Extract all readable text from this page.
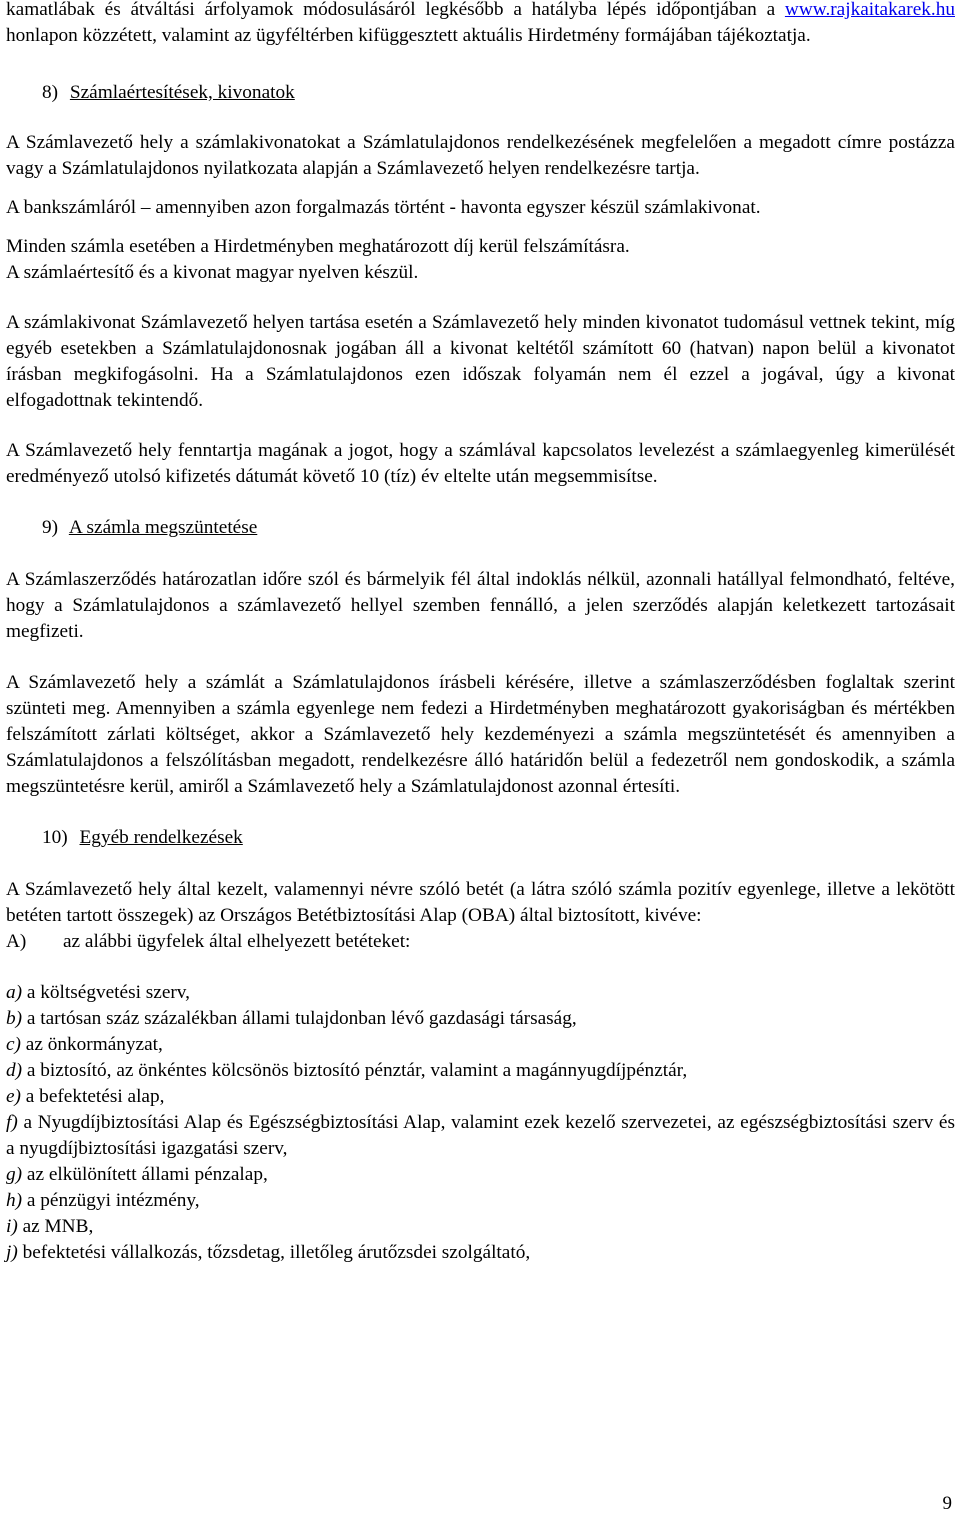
kamatlábak és átváltási árfolyamok módosulásáról legkésőbb a hatályba lépés időpontjában a www.rajkaitakarek.hu honlapon közzétett, valamint az ügyféltérben kifüggesztett aktuális Hirdetmény formájában tájékoztatja.

8) Számlaértesítések, kivonatok

A Számlavezető hely a számlakivonatokat a Számlatulajdonos rendelkezésének megfelelően a megadott címre postázza vagy a Számlatulajdonos nyilatkozata alapján a Számlavezető helyen rendelkezésre tartja.

A bankszámláról – amennyiben azon forgalmazás történt - havonta egyszer készül számlakivonat.

Minden számla esetében a Hirdetményben meghatározott díj kerül felszámításra.

A számlaértesítő és a kivonat magyar nyelven készül.

A számlakivonat Számlavezető helyen tartása esetén a Számlavezető hely minden kivonatot tudomásul vettnek tekint, míg egyéb esetekben a Számlatulajdonosnak jogában áll a kivonat keltétől számított 60 (hatvan) napon belül a kivonatot írásban megkifogásolni. Ha a Számlatulajdonos ezen időszak folyamán nem él ezzel a jogával, úgy a kivonat elfogadottnak tekintendő.

A Számlavezető hely fenntartja magának a jogot, hogy a számlával kapcsolatos levelezést a számlaegyenleg kimerülését eredményező utolsó kifizetés dátumát követő 10 (tíz) év eltelte után megsemmisítse.

9) A számla megszüntetése

A Számlaszerződés határozatlan időre szól és bármelyik fél által indoklás nélkül, azonnali hatállyal felmondható, feltéve, hogy a Számlatulajdonos a számlavezető hellyel szemben fennálló, a jelen szerződés alapján keletkezett tartozásait megfizeti.

A Számlavezető hely a számlát a Számlatulajdonos írásbeli kérésére, illetve a számlaszerződésben foglaltak szerint szünteti meg. Amennyiben a számla egyenlege nem fedezi a Hirdetményben meghatározott gyakoriságban és mértékben felszámított zárlati költséget, akkor a Számlavezető hely kezdeményezi a számla megszüntetését és amennyiben a Számlatulajdonos a felszólításban megadott, rendelkezésre álló határidőn belül a fedezetről nem gondoskodik, a számla megszüntetésre kerül, amiről a Számlavezető hely a Számlatulajdonost azonnal értesíti.

10) Egyéb rendelkezések

A Számlavezető hely által kezelt, valamennyi névre szóló betét (a látra szóló számla pozitív egyenlege, illetve a lekötött betéten tartott összegek) az Országos Betétbiztosítási Alap (OBA) által biztosított, kivéve:

A) az alábbi ügyfelek által elhelyezett betéteket:

a) a költségvetési szerv,

b) a tartósan száz százalékban állami tulajdonban lévő gazdasági társaság,

c) az önkormányzat,

d) a biztosító, az önkéntes kölcsönös biztosító pénztár, valamint a magánnyugdíjpénztár,

e) a befektetési alap,

f) a Nyugdíjbiztosítási Alap és Egészségbiztosítási Alap, valamint ezek kezelő szervezetei, az egészségbiztosítási szerv és a nyugdíjbiztosítási igazgatási szerv,

g) az elkülönített állami pénzalap,

h) a pénzügyi intézmény,

i) az MNB,

j) befektetési vállalkozás, tőzsdetag, illetőleg árutőzsdei szolgáltató,

9
